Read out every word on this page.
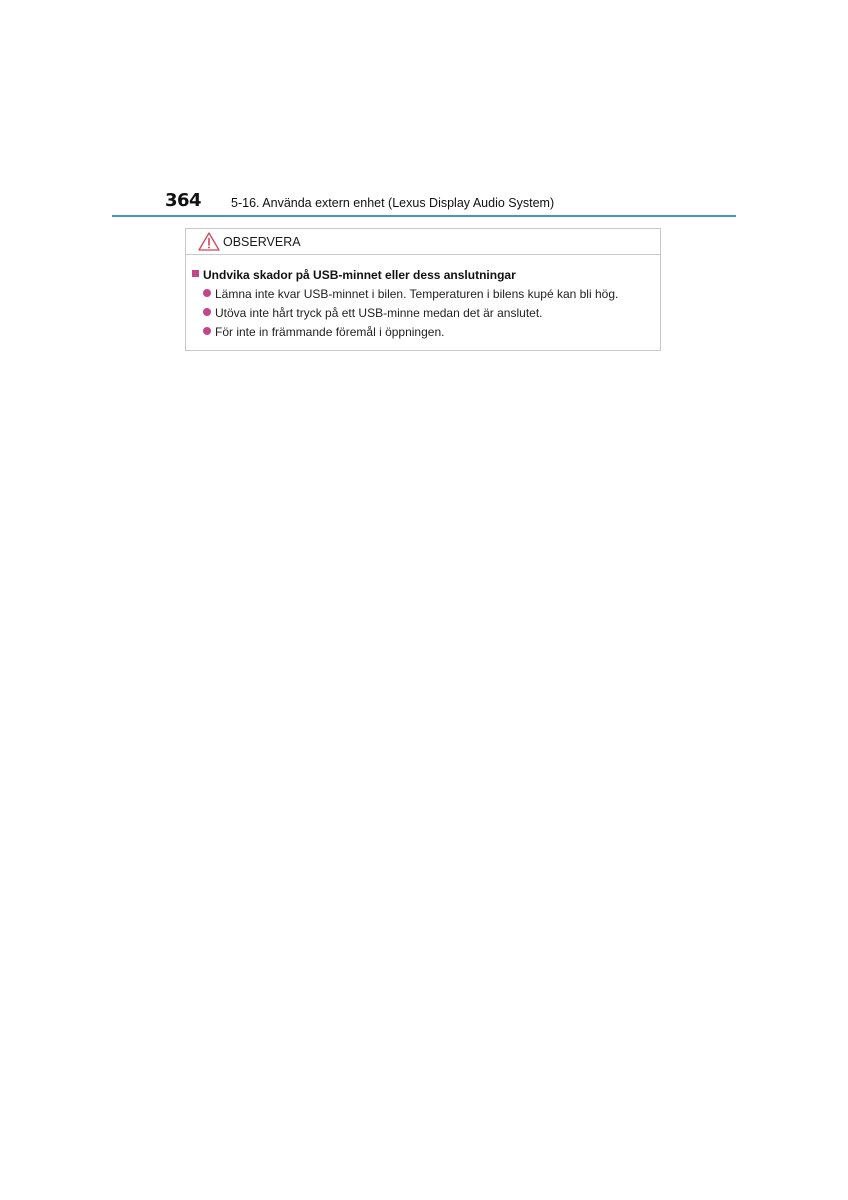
364 5-16. Använda extern enhet (Lexus Display Audio System)
OBSERVERA
Undvika skador på USB-minnet eller dess anslutningar
Lämna inte kvar USB-minnet i bilen. Temperaturen i bilens kupé kan bli hög.
Utöva inte hårt tryck på ett USB-minne medan det är anslutet.
För inte in främmande föremål i öppningen.
